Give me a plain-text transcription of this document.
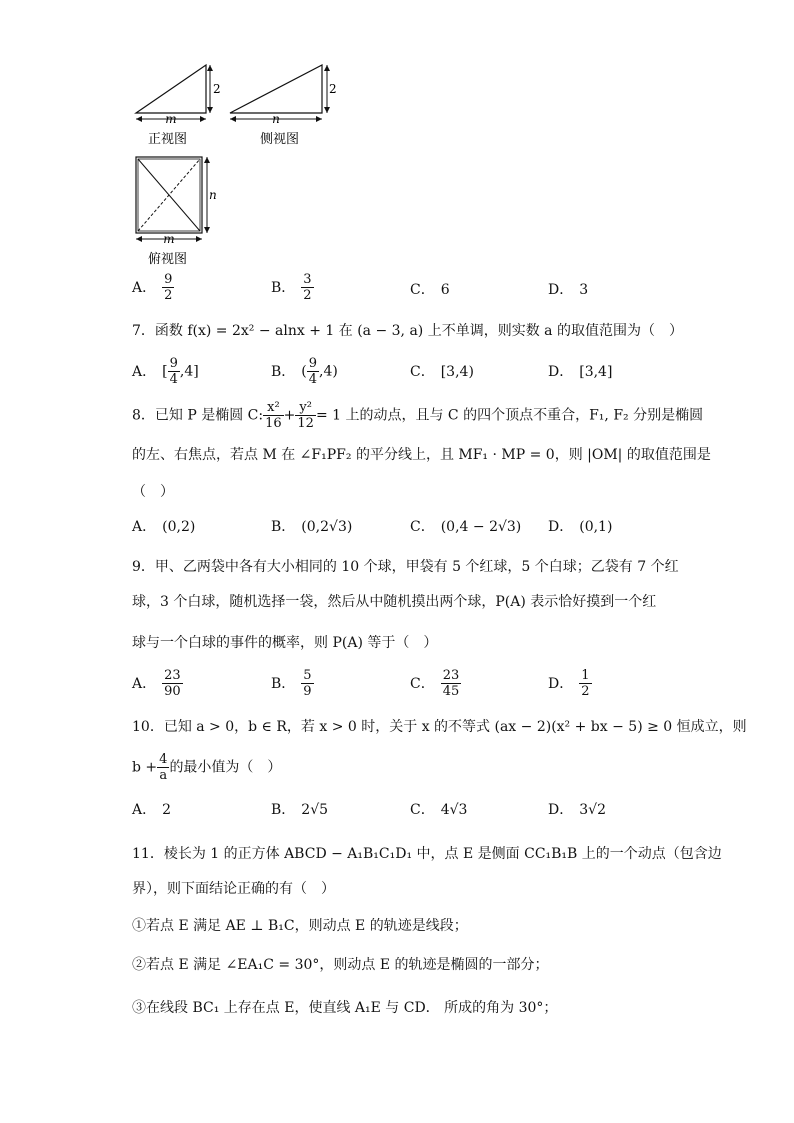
2
m
2
n
正视图	侧视图
n
m
俯视图
A． $\frac{9}{2}$	B． $\frac{3}{2}$	C． 6	D． 3
7．函数 f(x) = 2x² − alnx + 1 在 (a − 3, a) 上不单调，则实数 a 的取值范围为（　）
A． [ $\frac{9}{4} ,4$]	B． ( $\frac{9}{4} ,4$)	C． [3,4)	D． [3,4]
8．已知 P 是椭圆 C: $\frac{\text{x²}}{16} + \frac{\text{y²}}{12} = 1$ 上的动点，且与 C 的四个顶点不重合，F₁, F₂ 分别是椭圆
的左、右焦点，若点 M 在 ∠F₁PF₂ 的平分线上，且 MF₁ · MP = 0，则 |OM| 的取值范围是
（　）
A． (0,2)	B． (0,2√3)	C． (0,4 − 2√3) D． (0,1)
9．甲、乙两袋中各有大小相同的 10 个球，甲袋有 5 个红球，5 个白球；乙袋有 7 个红
球，3 个白球，随机选择一袋，然后从中随机摸出两个球，P(A) 表示恰好摸到一个红
球与一个白球的事件的概率，则 P(A) 等于（　）
A． $\frac{23}{90}$	B． $\frac{5}{9}$	C． $\frac{23}{45}$	D． $\frac{1}{2}$
10．已知 a > 0，b ∈ R，若 x > 0 时，关于 x 的不等式 (ax − 2)(x² + bx − 5) ≥ 0 恒成立，则
$b + \frac{4}{a}$ 的最小值为（　）
A． 2	B． 2√5	C． 4√3	D． 3√2
11．棱长为 1 的正方体 ABCD − A₁B₁C₁D₁ 中，点 E 是侧面 CC₁B₁B 上的一个动点（包含边
界），则下面结论正确的有（　）
①若点 E 满足 AE ⊥ B₁C，则动点 E 的轨迹是线段；
②若点 E 满足 ∠EA₁C = 30°，则动点 E 的轨迹是椭圆的一部分；
③在线段 BC₁ 上存在点 E，使直线 A₁E 与 CD． 所成的角为 30°；
